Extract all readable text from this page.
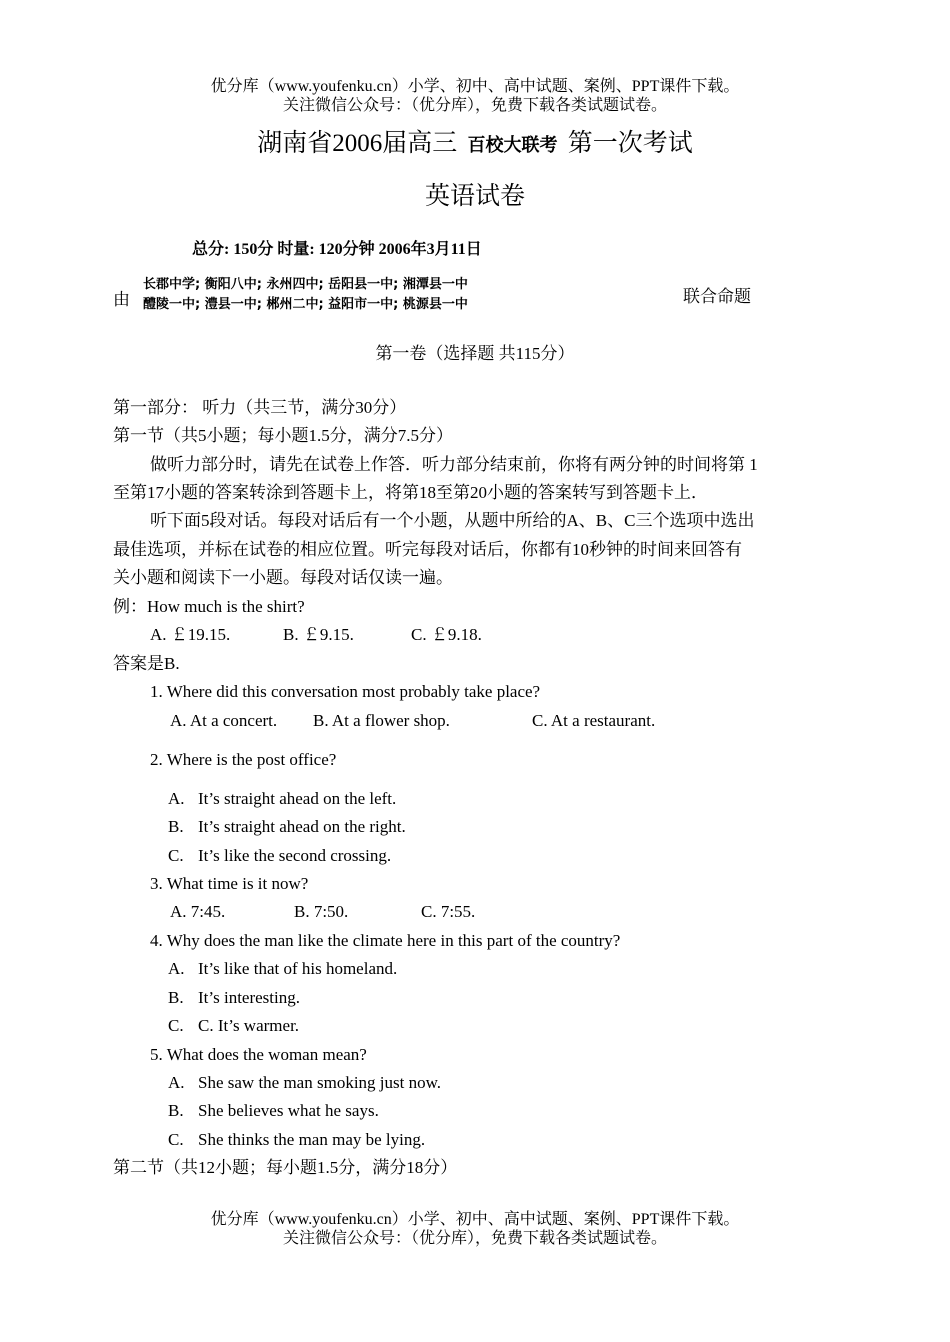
优分库（www.youfenku.cn）小学、初中、高中试题、案例、PPT课件下载。
关注微信公众号：（优分库），免费下载各类试题试卷。
湖南省2006届高三 百校大联考 第一次考试
英语试卷
总分: 150分 时量: 120分钟 2006年3月11日
由
长郡中学; 衡阳八中; 永州四中; 岳阳县一中; 湘潭县一中
醴陵一中; 澧县一中; 郴州二中; 益阳市一中; 桃源县一中	联合命题
第一卷（选择题 共115分）
第一部分： 听力（共三节，满分30分）
第一节（共5小题；每小题1.5分，满分7.5分）
做听力部分时，请先在试卷上作答．听力部分结束前，你将有两分钟的时间将第 1
至第17小题的答案转涂到答题卡上，将第18至第20小题的答案转写到答题卡上．
听下面5段对话。每段对话后有一个小题，从题中所给的A、B、C三个选项中选出
最佳选项，并标在试卷的相应位置。听完每段对话后，你都有10秒钟的时间来回答有
关小题和阅读下一小题。每段对话仅读一遍。
例：How much is the shirt?
A. ￡19.15.	B. ￡9.15.	C. ￡9.18.
答案是B.
1. Where did this conversation most probably take place?
A. At a concert. B. At a flower shop.	C. At a restaurant.
2. Where is the post office?
A. It’s straight ahead on the left.
B. It’s straight ahead on the right.
C. It’s like the second crossing.
3. What time is it now?
A. 7:45.	B. 7:50.	C. 7:55.
4. Why does the man like the climate here in this part of the country?
A. It’s like that of his homeland.
B. It’s interesting.
C. C. It’s warmer.
5. What does the woman mean?
A. She saw the man smoking just now.
B. She believes what he says.
C. She thinks the man may be lying.
第二节（共12小题；每小题1.5分，满分18分）
优分库（www.youfenku.cn）小学、初中、高中试题、案例、PPT课件下载。
关注微信公众号：（优分库），免费下载各类试题试卷。
